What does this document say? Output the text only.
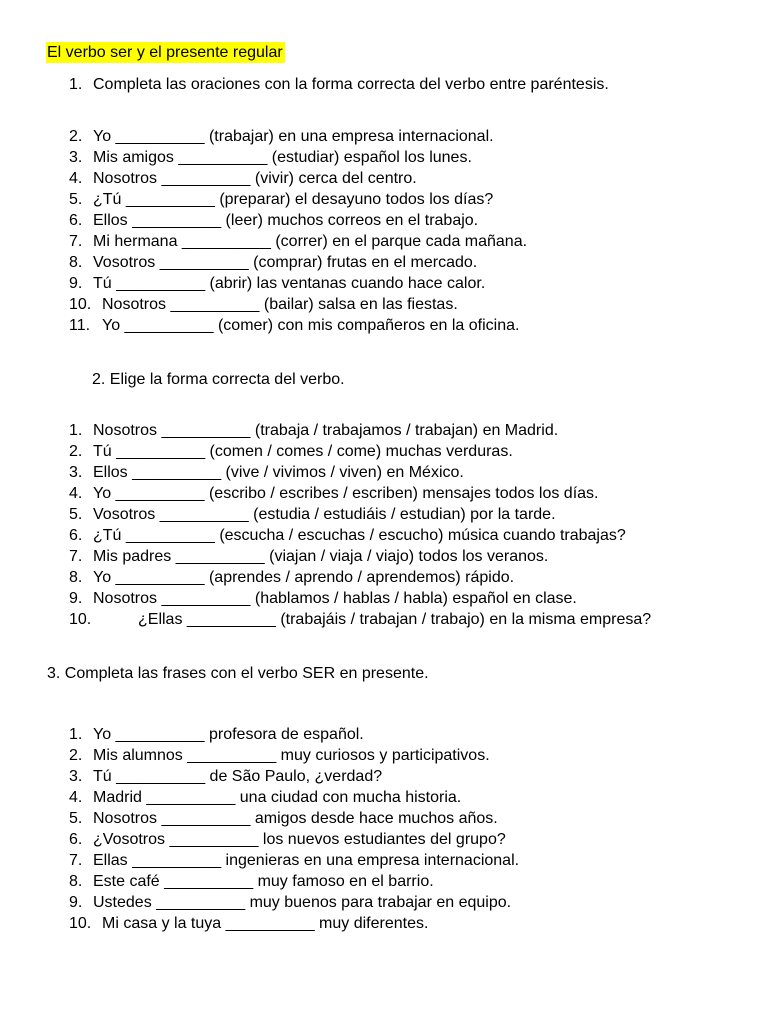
El verbo ser y el presente regular
1. Completa las oraciones con la forma correcta del verbo entre paréntesis.
2. Yo __________ (trabajar) en una empresa internacional.
3. Mis amigos __________ (estudiar) español los lunes.
4. Nosotros __________ (vivir) cerca del centro.
5. ¿Tú __________ (preparar) el desayuno todos los días?
6. Ellos __________ (leer) muchos correos en el trabajo.
7. Mi hermana __________ (correr) en el parque cada mañana.
8. Vosotros __________ (comprar) frutas en el mercado.
9. Tú __________ (abrir) las ventanas cuando hace calor.
10. Nosotros __________ (bailar) salsa en las fiestas.
11. Yo __________ (comer) con mis compañeros en la oficina.
2. Elige la forma correcta del verbo.
1. Nosotros __________ (trabaja / trabajamos / trabajan) en Madrid.
2. Tú __________ (comen / comes / come) muchas verduras.
3. Ellos __________ (vive / vivimos / viven) en México.
4. Yo __________ (escribo / escribes / escriben) mensajes todos los días.
5. Vosotros __________ (estudia / estudiáis / estudian) por la tarde.
6. ¿Tú __________ (escucha / escuchas / escucho) música cuando trabajas?
7. Mis padres __________ (viajan / viaja / viajo) todos los veranos.
8. Yo __________ (aprendes / aprendo / aprendemos) rápido.
9. Nosotros __________ (hablamos / hablas / habla) español en clase.
10.	¿Ellas __________ (trabajáis / trabajan / trabajo) en la misma empresa?
3. Completa las frases con el verbo SER en presente.
1. Yo __________ profesora de español.
2. Mis alumnos __________ muy curiosos y participativos.
3. Tú __________ de São Paulo, ¿verdad?
4. Madrid __________ una ciudad con mucha historia.
5. Nosotros __________ amigos desde hace muchos años.
6. ¿Vosotros __________ los nuevos estudiantes del grupo?
7. Ellas __________ ingenieras en una empresa internacional.
8. Este café __________ muy famoso en el barrio.
9. Ustedes __________ muy buenos para trabajar en equipo.
10. Mi casa y la tuya __________ muy diferentes.
